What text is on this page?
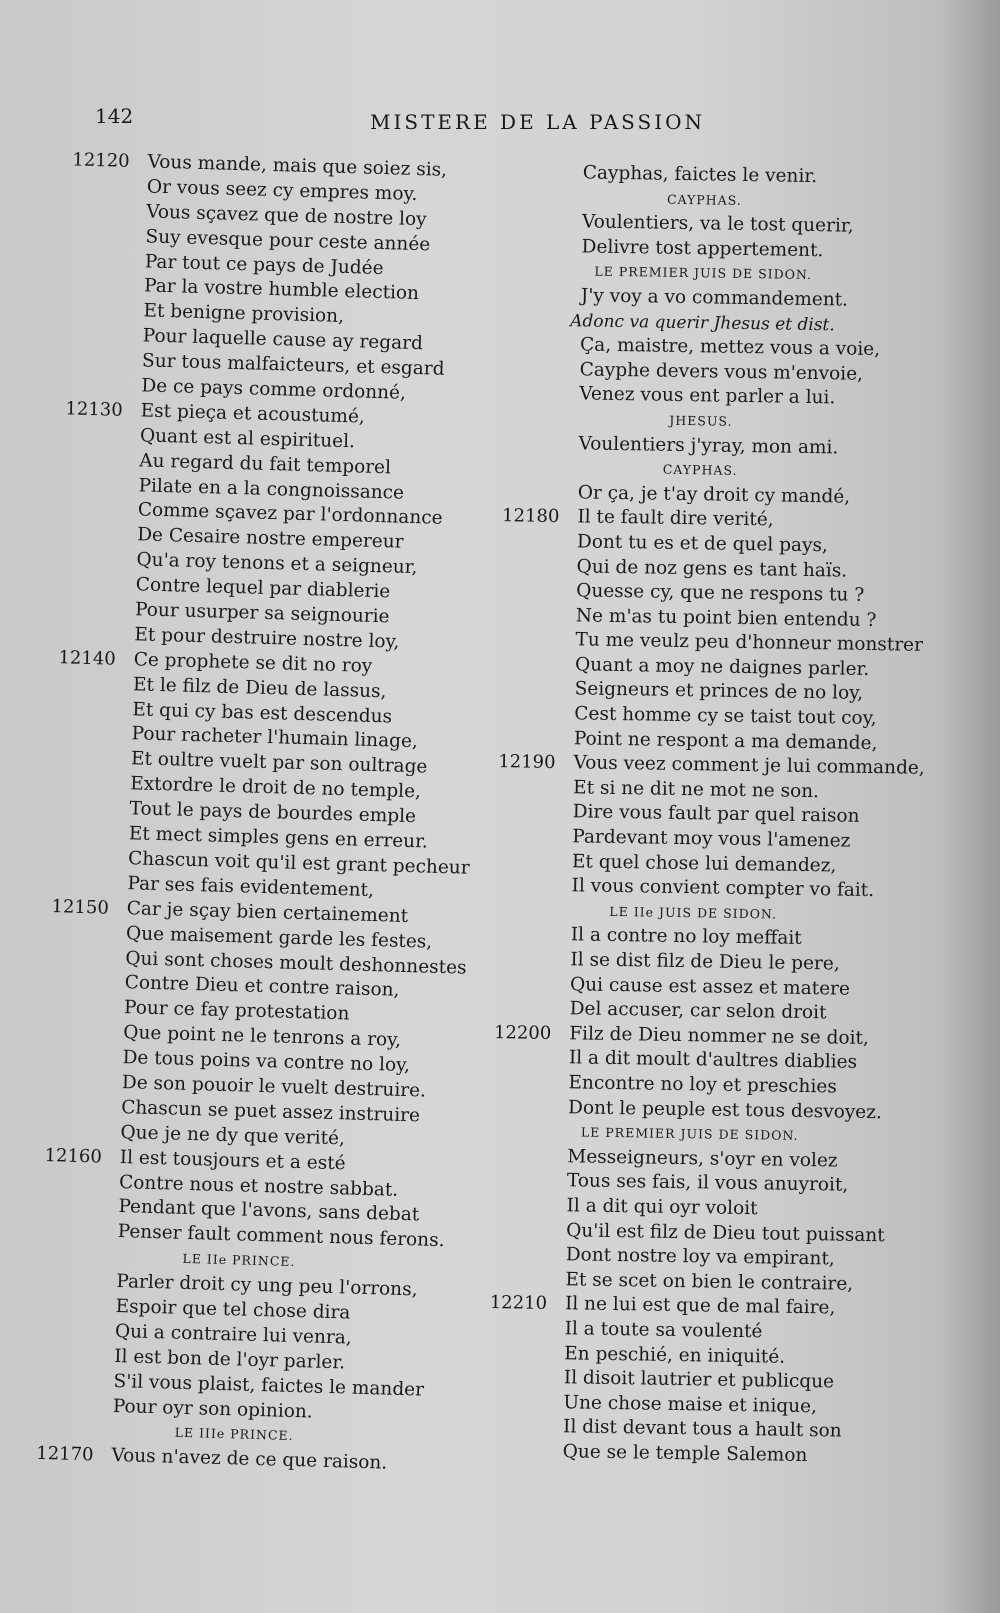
142	MISTERE DE LA PASSION
12120 Vous mande, mais que soiez sis,
Or vous seez cy empres moy.
Vous sçavez que de nostre loy
Suy evesque pour ceste année
Par tout ce pays de Judée
Par la vostre humble election
Et benigne provision,
Pour laquelle cause ay regard
Sur tous malfaicteurs, et esgard
De ce pays comme ordonné,
12130 Est pieça et acoustumé,
Quant est al espirituel.
Au regard du fait temporel
Pilate en a la congnoissance
Comme sçavez par l'ordonnance
De Cesaire nostre empereur
Qu'a roy tenons et a seigneur,
Contre lequel par diablerie
Pour usurper sa seignourie
Et pour destruire nostre loy,
12140 Ce prophete se dit no roy
Et le filz de Dieu de lassus,
Et qui cy bas est descendus
Pour racheter l'humain linage,
Et oultre vuelt par son oultrage
Extordre le droit de no temple,
Tout le pays de bourdes emple
Et mect simples gens en erreur.
Chascun voit qu'il est grant pecheur
Par ses fais evidentement,
12150 Car je sçay bien certainement
Que maisement garde les festes,
Qui sont choses moult deshonnestes
Contre Dieu et contre raison,
Pour ce fay protestation
Que point ne le tenrons a roy,
De tous poins va contre no loy,
De son pouoir le vuelt destruire.
Chascun se puet assez instruire
Que je ne dy que verité,
12160 Il est tousjours et a esté
Contre nous et nostre sabbat.
Pendant que l'avons, sans debat
Penser fault comment nous ferons.
LE IIe PRINCE.
Parler droit cy ung peu l'orrons,
Espoir que tel chose dira
Qui a contraire lui venra,
Il est bon de l'oyr parler.
S'il vous plaist, faictes le mander
Pour oyr son opinion.
LE IIIe PRINCE.
12170 Vous n'avez de ce que raison.
Cayphas, faictes le venir.
CAYPHAS.
Voulentiers, va le tost querir,
Delivre tost appertement.
LE PREMIER JUIS DE SIDON.
J'y voy a vo commandement.
Adonc va querir Jhesus et dist.
Ça, maistre, mettez vous a voie,
Cayphe devers vous m'envoie,
Venez vous ent parler a lui.
JHESUS.
Voulentiers j'yray, mon ami.
CAYPHAS.
Or ça, je t'ay droit cy mandé,
12180 Il te fault dire verité,
Dont tu es et de quel pays,
Qui de noz gens es tant haïs.
Quesse cy, que ne respons tu ?
Ne m'as tu point bien entendu ?
Tu me veulz peu d'honneur monstrer
Quant a moy ne daignes parler.
Seigneurs et princes de no loy,
Cest homme cy se taist tout coy,
Point ne respont a ma demande,
12190 Vous veez comment je lui commande,
Et si ne dit ne mot ne son.
Dire vous fault par quel raison
Pardevant moy vous l'amenez
Et quel chose lui demandez,
Il vous convient compter vo fait.
LE IIe JUIS DE SIDON.
Il a contre no loy meffait
Il se dist filz de Dieu le pere,
Qui cause est assez et matere
Del accuser, car selon droit
12200 Filz de Dieu nommer ne se doit,
Il a dit moult d'aultres diablies
Encontre no loy et preschies
Dont le peuple est tous desvoyez.
LE PREMIER JUIS DE SIDON.
Messeigneurs, s'oyr en volez
Tous ses fais, il vous anuyroit,
Il a dit qui oyr voloit
Qu'il est filz de Dieu tout puissant
Dont nostre loy va empirant,
Et se scet on bien le contraire,
12210 Il ne lui est que de mal faire,
Il a toute sa voulenté
En peschié, en iniquité.
Il disoit lautrier et publicque
Une chose maise et inique,
Il dist devant tous a hault son
Que se le temple Salemon
